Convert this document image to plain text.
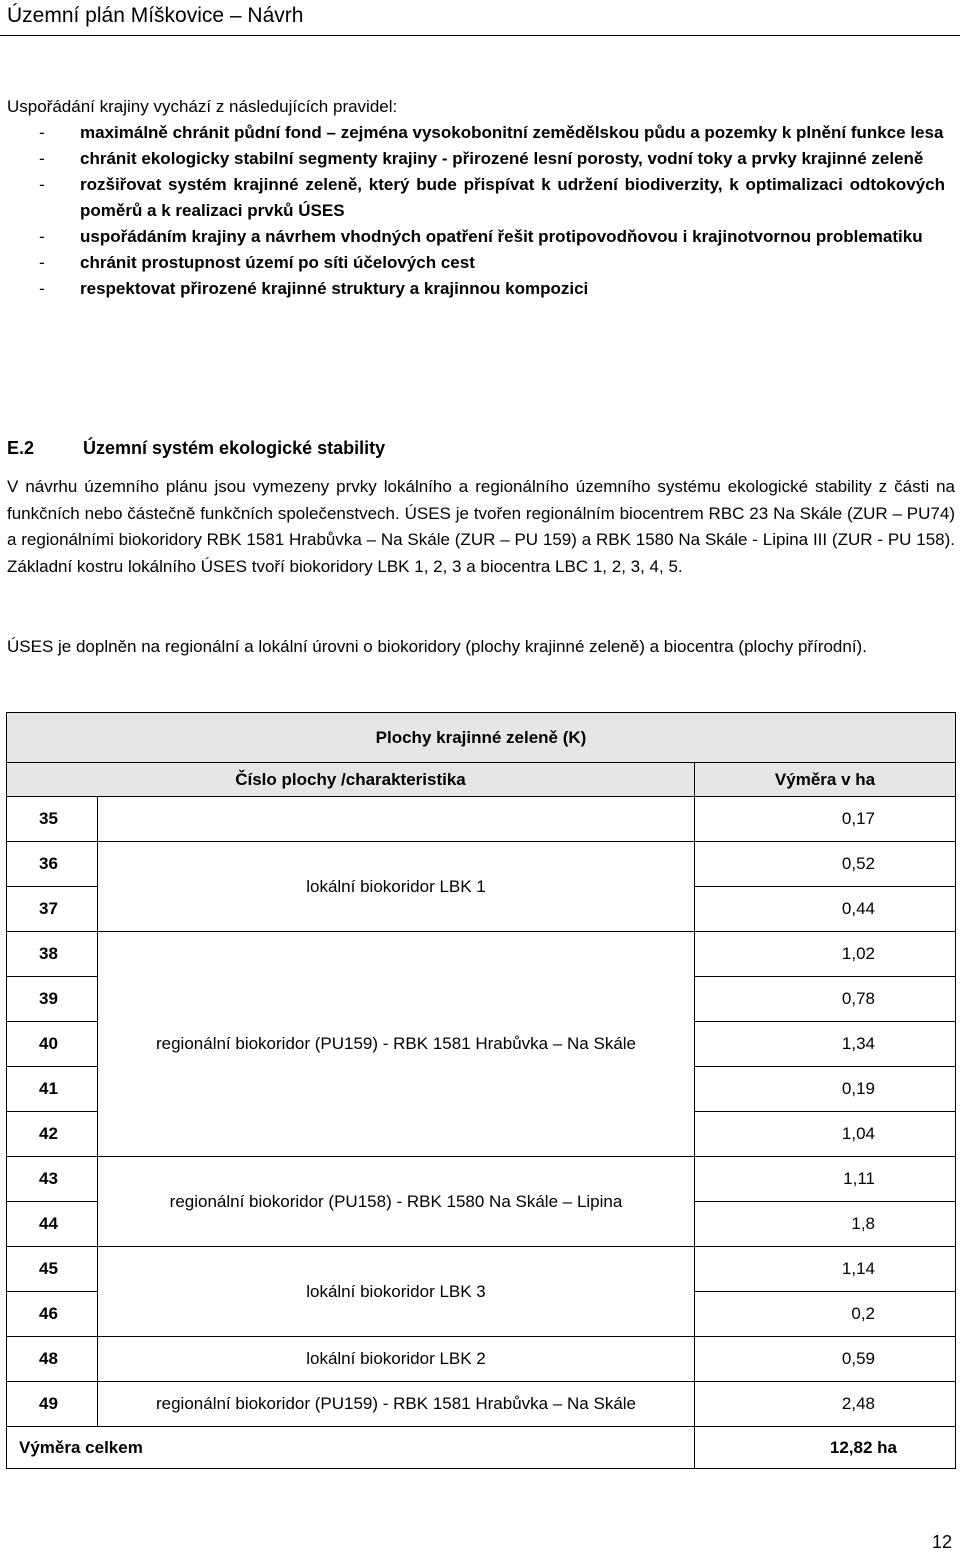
Územní plán Míškovice – Návrh
Uspořádání krajiny vychází z následujících pravidel:
- maximálně chránit půdní fond – zejména vysokobonitní zemědělskou půdu a pozemky k plnění funkce lesa
- chránit ekologicky stabilní segmenty krajiny - přirozené lesní porosty, vodní toky a prvky krajinné zeleně
- rozšiřovat systém krajinné zeleně, který bude přispívat k udržení biodiverzity, k optimalizaci odtokových poměrů a k realizaci prvků ÚSES
- uspořádáním krajiny a návrhem vhodných opatření řešit protipovodňovou i krajinotvornou problematiku
- chránit prostupnost území po síti účelových cest
- respektovat přirozené krajinné struktury a krajinnou kompozici
E.2	Územní systém ekologické stability
V návrhu územního plánu jsou vymezeny prvky lokálního a regionálního územního systému ekologické stability z části na funkčních nebo částečně funkčních společenstvech. ÚSES je tvořen regionálním biocentrem RBC 23 Na Skále (ZUR – PU74) a regionálními biokoridory RBK 1581 Hrabůvka – Na Skále (ZUR – PU 159) a RBK 1580 Na Skále - Lipina III (ZUR - PU 158). Základní kostru lokálního ÚSES tvoří biokoridory LBK 1, 2, 3 a biocentra LBC 1, 2, 3, 4, 5.
ÚSES je doplněn na regionální a lokální úrovni o biokoridory (plochy krajinné zeleně) a biocentra (plochy přírodní).
Plochy krajinné zeleně (K)		
Číslo plochy /charakteristika		Výměra v ha
35		0,17
36	lokální biokoridor LBK 1	0,52
37		0,44
38	regionální biokoridor (PU159) - RBK 1581 Hrabůvka – Na Skále	1,02
39		0,78
40		1,34
41		0,19
42		1,04
43	regionální biokoridor (PU158) - RBK 1580 Na Skále – Lipina	1,11
44		1,8
45	lokální biokoridor LBK 3	1,14
46		0,2
48	lokální biokoridor LBK 2	0,59
49	regionální biokoridor (PU159) - RBK 1581 Hrabůvka – Na Skále	2,48
Výměra celkem		12,82 ha
12
